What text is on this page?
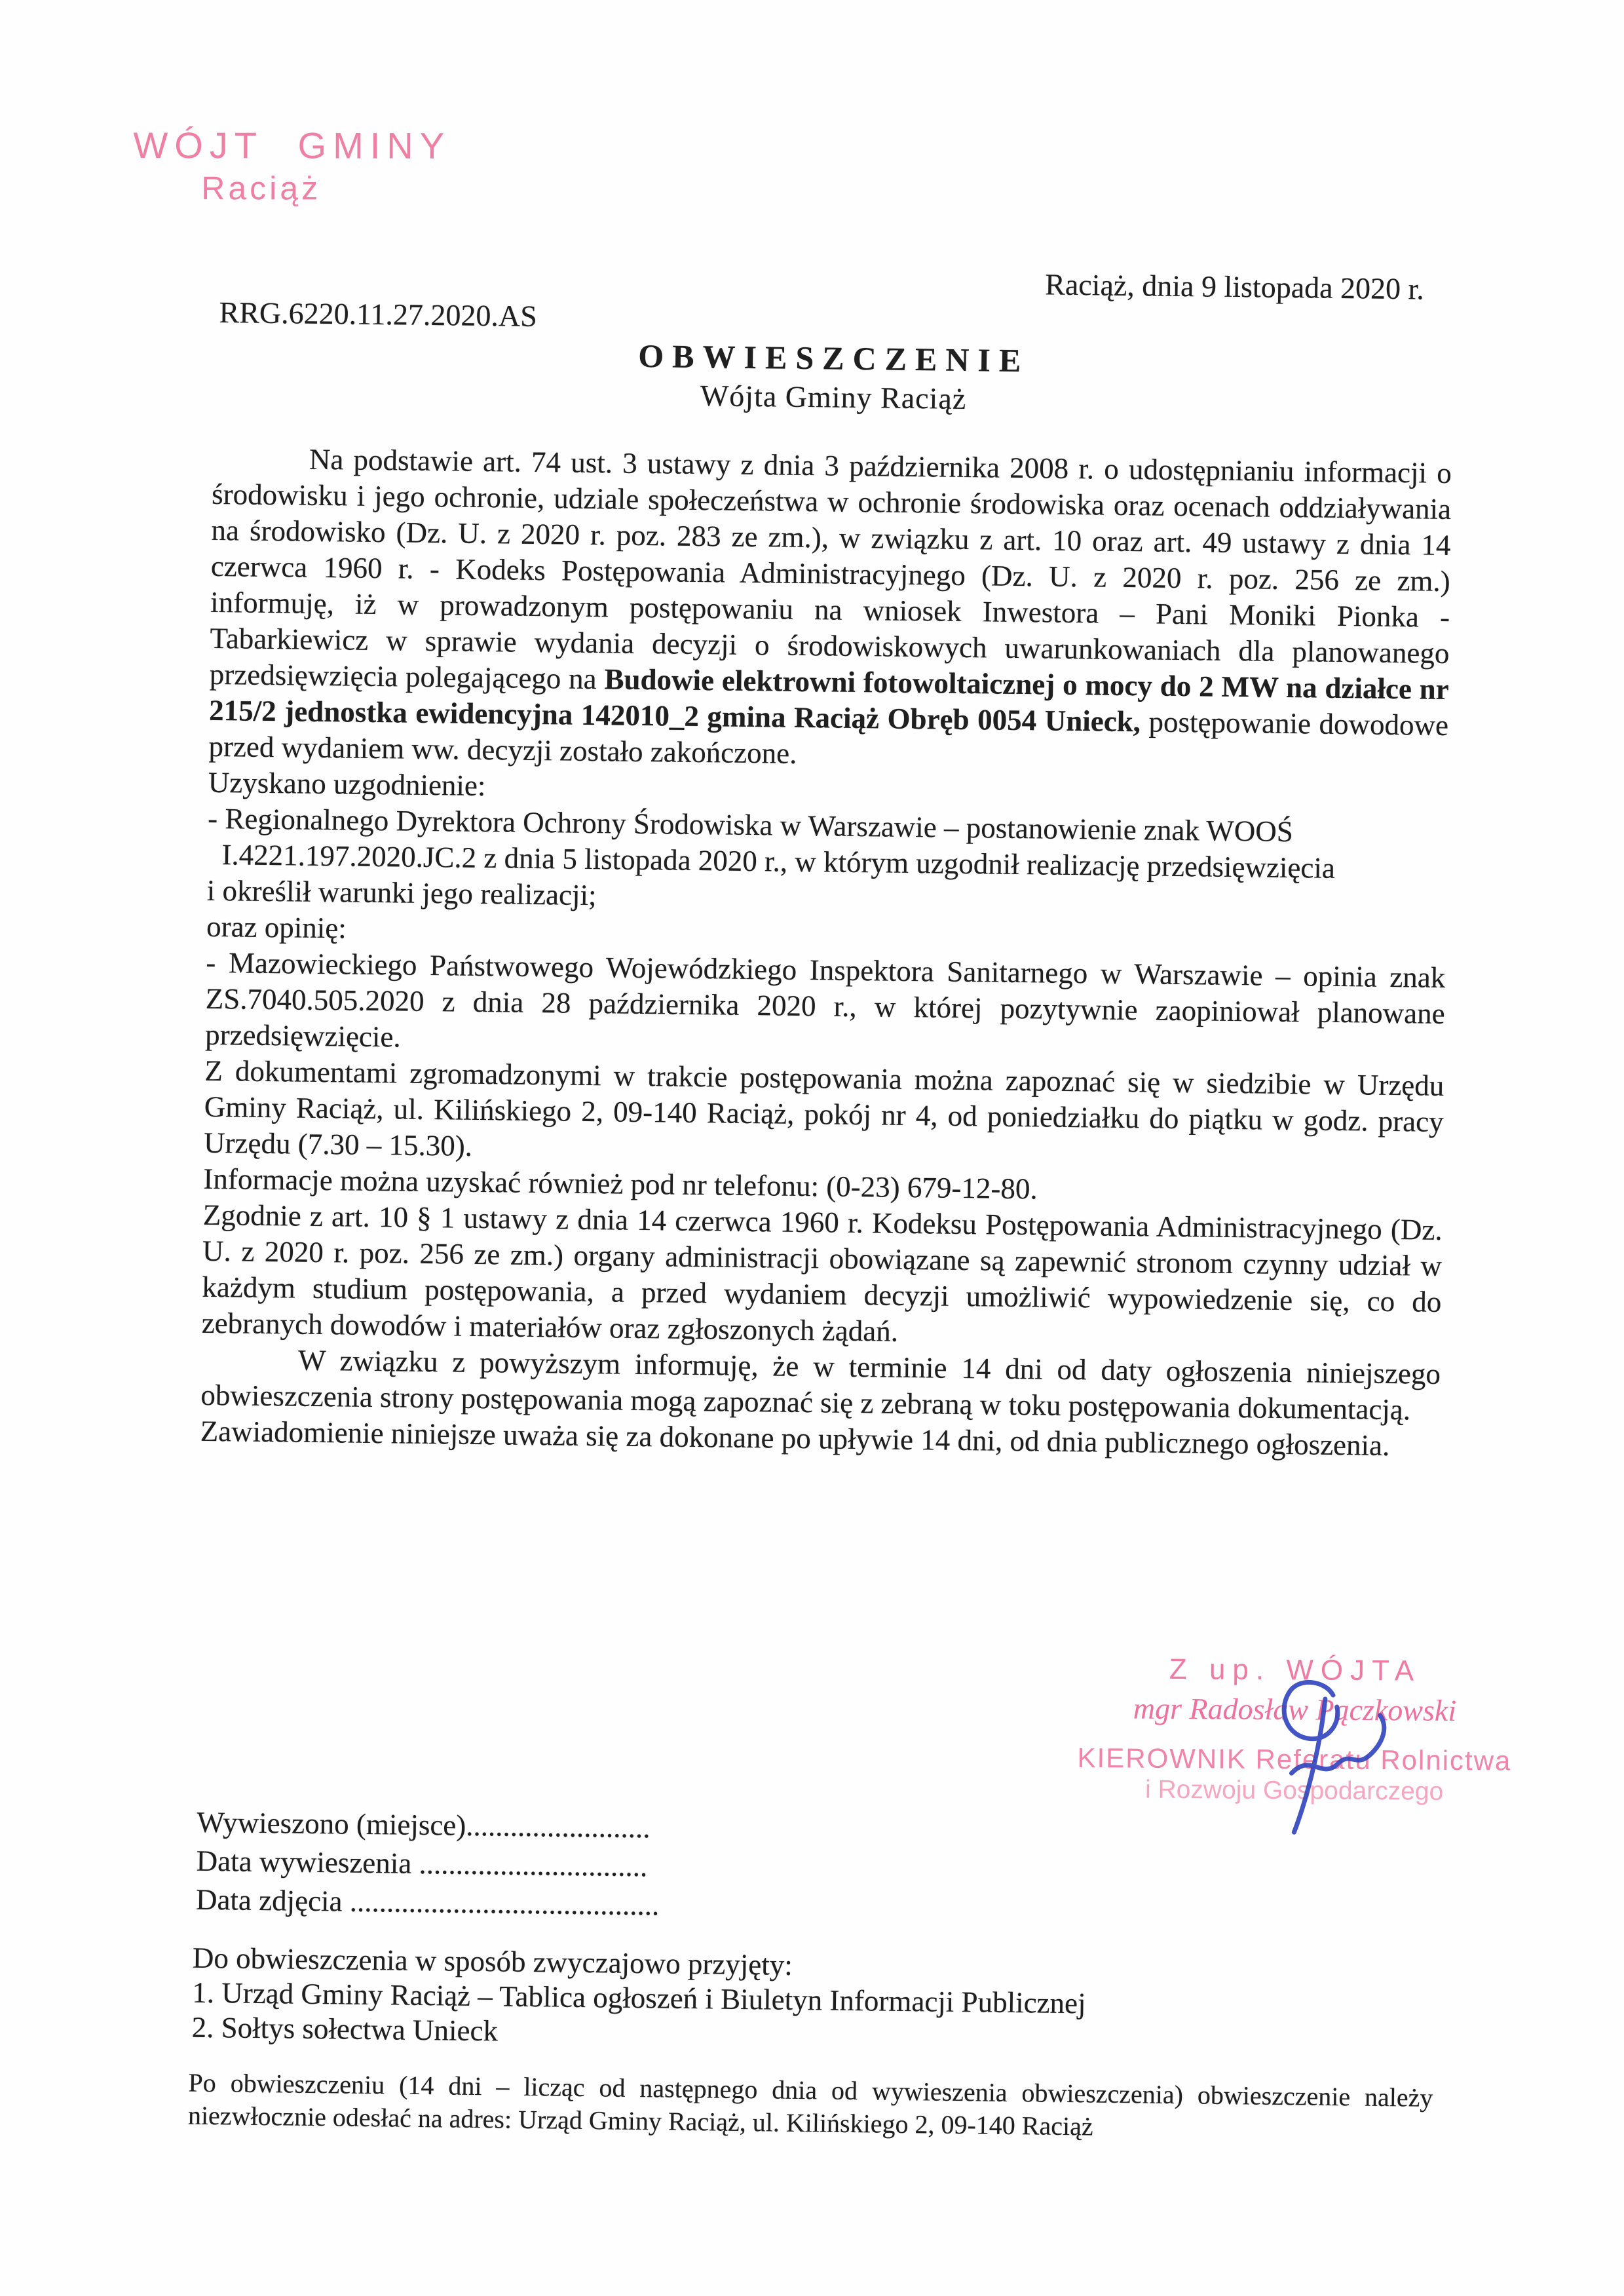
WÓJT GMINY
Raciąż
Raciąż, dnia 9 listopada 2020 r.
RRG.6220.11.27.2020.AS
OBWIESZCZENIE
Wójta Gminy Raciąż

Na podstawie art. 74 ust. 3 ustawy z dnia 3 października 2008 r. o udostępnianiu informacji o środowisku i jego ochronie, udziale społeczeństwa w ochronie środowiska oraz ocenach oddziaływania na środowisko (Dz. U. z 2020 r. poz. 283 ze zm.), w związku z art. 10 oraz art. 49 ustawy z dnia 14 czerwca 1960 r. - Kodeks Postępowania Administracyjnego (Dz. U. z 2020 r. poz. 256 ze zm.) informuję, iż w prowadzonym postępowaniu na wniosek Inwestora – Pani Moniki Pionka - Tabarkiewicz w sprawie wydania decyzji o środowiskowych uwarunkowaniach dla planowanego przedsięwzięcia polegającego na Budowie elektrowni fotowoltaicznej o mocy do 2 MW na działce nr 215/2 jednostka ewidencyjna 142010_2 gmina Raciąż Obręb 0054 Unieck, postępowanie dowodowe przed wydaniem ww. decyzji zostało zakończone.

Uzyskano uzgodnienie:
- Regionalnego Dyrektora Ochrony Środowiska w Warszawie – postanowienie znak WOOŚ
I.4221.197.2020.JC.2 z dnia 5 listopada 2020 r., w którym uzgodnił realizację przedsięwzięcia
i określił warunki jego realizacji;
oraz opinię:

- Mazowieckiego Państwowego Wojewódzkiego Inspektora Sanitarnego w Warszawie – opinia znak ZS.7040.505.2020 z dnia 28 października 2020 r., w której pozytywnie zaopiniował planowane przedsięwzięcie.

Z dokumentami zgromadzonymi w trakcie postępowania można zapoznać się w siedzibie w Urzędu Gminy Raciąż, ul. Kilińskiego 2, 09-140 Raciąż, pokój nr 4, od poniedziałku do piątku w godz. pracy Urzędu (7.30 – 15.30).

Informacje można uzyskać również pod nr telefonu: (0-23) 679-12-80.

Zgodnie z art. 10 § 1 ustawy z dnia 14 czerwca 1960 r. Kodeksu Postępowania Administracyjnego (Dz. U. z 2020 r. poz. 256 ze zm.) organy administracji obowiązane są zapewnić stronom czynny udział w każdym studium postępowania, a przed wydaniem decyzji umożliwić wypowiedzenie się, co do zebranych dowodów i materiałów oraz zgłoszonych żądań.

W związku z powyższym informuję, że w terminie 14 dni od daty ogłoszenia niniejszego obwieszczenia strony postępowania mogą zapoznać się z zebraną w toku postępowania dokumentacją.

Zawiadomienie niniejsze uważa się za dokonane po upływie 14 dni, od dnia publicznego ogłoszenia.

Z up. WÓJTA
mgr Radosław Pączkowski
KIEROWNIK Referatu Rolnictwa
i Rozwoju Gospodarczego
Wywieszono (miejsce).........................
Data wywieszenia ...............................
Data zdjęcia ..........................................
Do obwieszczenia w sposób zwyczajowo przyjęty:
1. Urząd Gminy Raciąż – Tablica ogłoszeń i Biuletyn Informacji Publicznej
2. Sołtys sołectwa Unieck
Po obwieszczeniu (14 dni – licząc od następnego dnia od wywieszenia obwieszczenia) obwieszczenie należy niezwłocznie odesłać na adres: Urząd Gminy Raciąż, ul. Kilińskiego 2, 09-140 Raciąż
